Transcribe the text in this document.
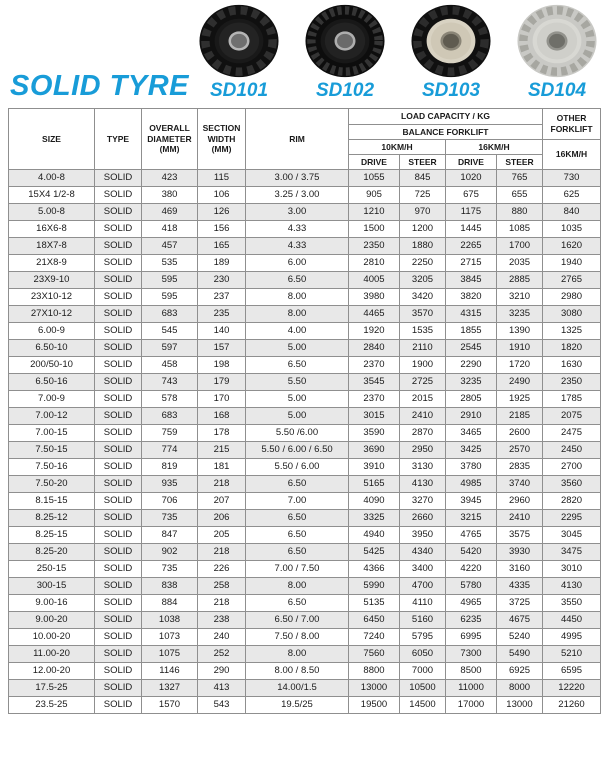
SOLID TYRE SD101	SD102	SD103	SD104
SIZE	TYPE	OVERALL DIAMETER (MM)	SECTION WIDTH (MM)	RIM	LOAD CAPACITY / KG				OTHER FORKLIFT
					BALANCE FORKLIFT				
					10KM/H		16KM/H		16KM/H
					DRIVE	STEER	DRIVE	STEER	
4.00-8	SOLID	423	115	3.00 / 3.75	1055	845	1020	765	730
15X4 1/2-8	SOLID	380	106	3.25 / 3.00	905	725	675	655	625
5.00-8	SOLID	469	126	3.00	1210	970	1175	880	840
16X6-8	SOLID	418	156	4.33	1500	1200	1445	1085	1035
18X7-8	SOLID	457	165	4.33	2350	1880	2265	1700	1620
21X8-9	SOLID	535	189	6.00	2810	2250	2715	2035	1940
23X9-10	SOLID	595	230	6.50	4005	3205	3845	2885	2765
23X10-12	SOLID	595	237	8.00	3980	3420	3820	3210	2980
27X10-12	SOLID	683	235	8.00	4465	3570	4315	3235	3080
6.00-9	SOLID	545	140	4.00	1920	1535	1855	1390	1325
6.50-10	SOLID	597	157	5.00	2840	2110	2545	1910	1820
200/50-10	SOLID	458	198	6.50	2370	1900	2290	1720	1630
6.50-16	SOLID	743	179	5.50	3545	2725	3235	2490	2350
7.00-9	SOLID	578	170	5.00	2370	2015	2805	1925	1785
7.00-12	SOLID	683	168	5.00	3015	2410	2910	2185	2075
7.00-15	SOLID	759	178	5.50 /6.00	3590	2870	3465	2600	2475
7.50-15	SOLID	774	215	5.50 / 6.00 / 6.50	3690	2950	3425	2570	2450
7.50-16	SOLID	819	181	5.50 / 6.00	3910	3130	3780	2835	2700
7.50-20	SOLID	935	218	6.50	5165	4130	4985	3740	3560
8.15-15	SOLID	706	207	7.00	4090	3270	3945	2960	2820
8.25-12	SOLID	735	206	6.50	3325	2660	3215	2410	2295
8.25-15	SOLID	847	205	6.50	4940	3950	4765	3575	3045
8.25-20	SOLID	902	218	6.50	5425	4340	5420	3930	3475
250-15	SOLID	735	226	7.00 / 7.50	4366	3400	4220	3160	3010
300-15	SOLID	838	258	8.00	5990	4700	5780	4335	4130
9.00-16	SOLID	884	218	6.50	5135	4110	4965	3725	3550
9.00-20	SOLID	1038	238	6.50 / 7.00	6450	5160	6235	4675	4450
10.00-20	SOLID	1073	240	7.50 / 8.00	7240	5795	6995	5240	4995
11.00-20	SOLID	1075	252	8.00	7560	6050	7300	5490	5210
12.00-20	SOLID	1146	290	8.00 / 8.50	8800	7000	8500	6925	6595
17.5-25	SOLID	1327	413	14.00/1.5	13000	10500	11000	8000	12220
23.5-25	SOLID	1570	543	19.5/25	19500	14500	17000	13000	21260
